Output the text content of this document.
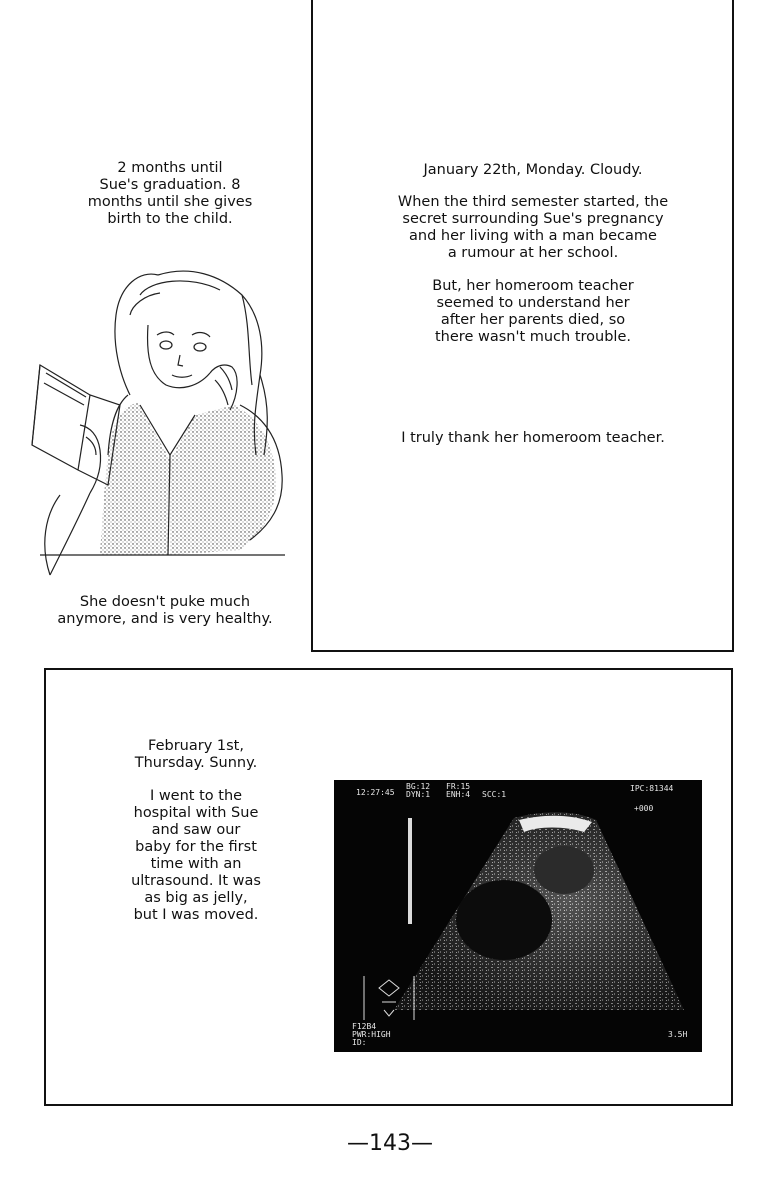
2 months until
Sue's graduation. 8
months until she gives
birth to the child.
She doesn't puke much
anymore, and is very healthy.
January 22th, Monday. Cloudy.
When the third semester started, the
secret surrounding Sue's pregnancy
and her living with a man became
a rumour at her school.
But, her homeroom teacher
seemed to understand her
after her parents died, so
there wasn't much trouble.
I truly thank her homeroom teacher.
February 1st,
Thursday. Sunny.
I went to the
hospital with Sue
and saw our
baby for the first
time with an
ultrasound. It was
as big as jelly,
but I was moved.
12:27:45
BG:12 FR:15
DYN:1 ENH:4 SCC:1
IPC:81344
+000
F12B4
PWR:HIGH
ID:
3.5H
—143—
